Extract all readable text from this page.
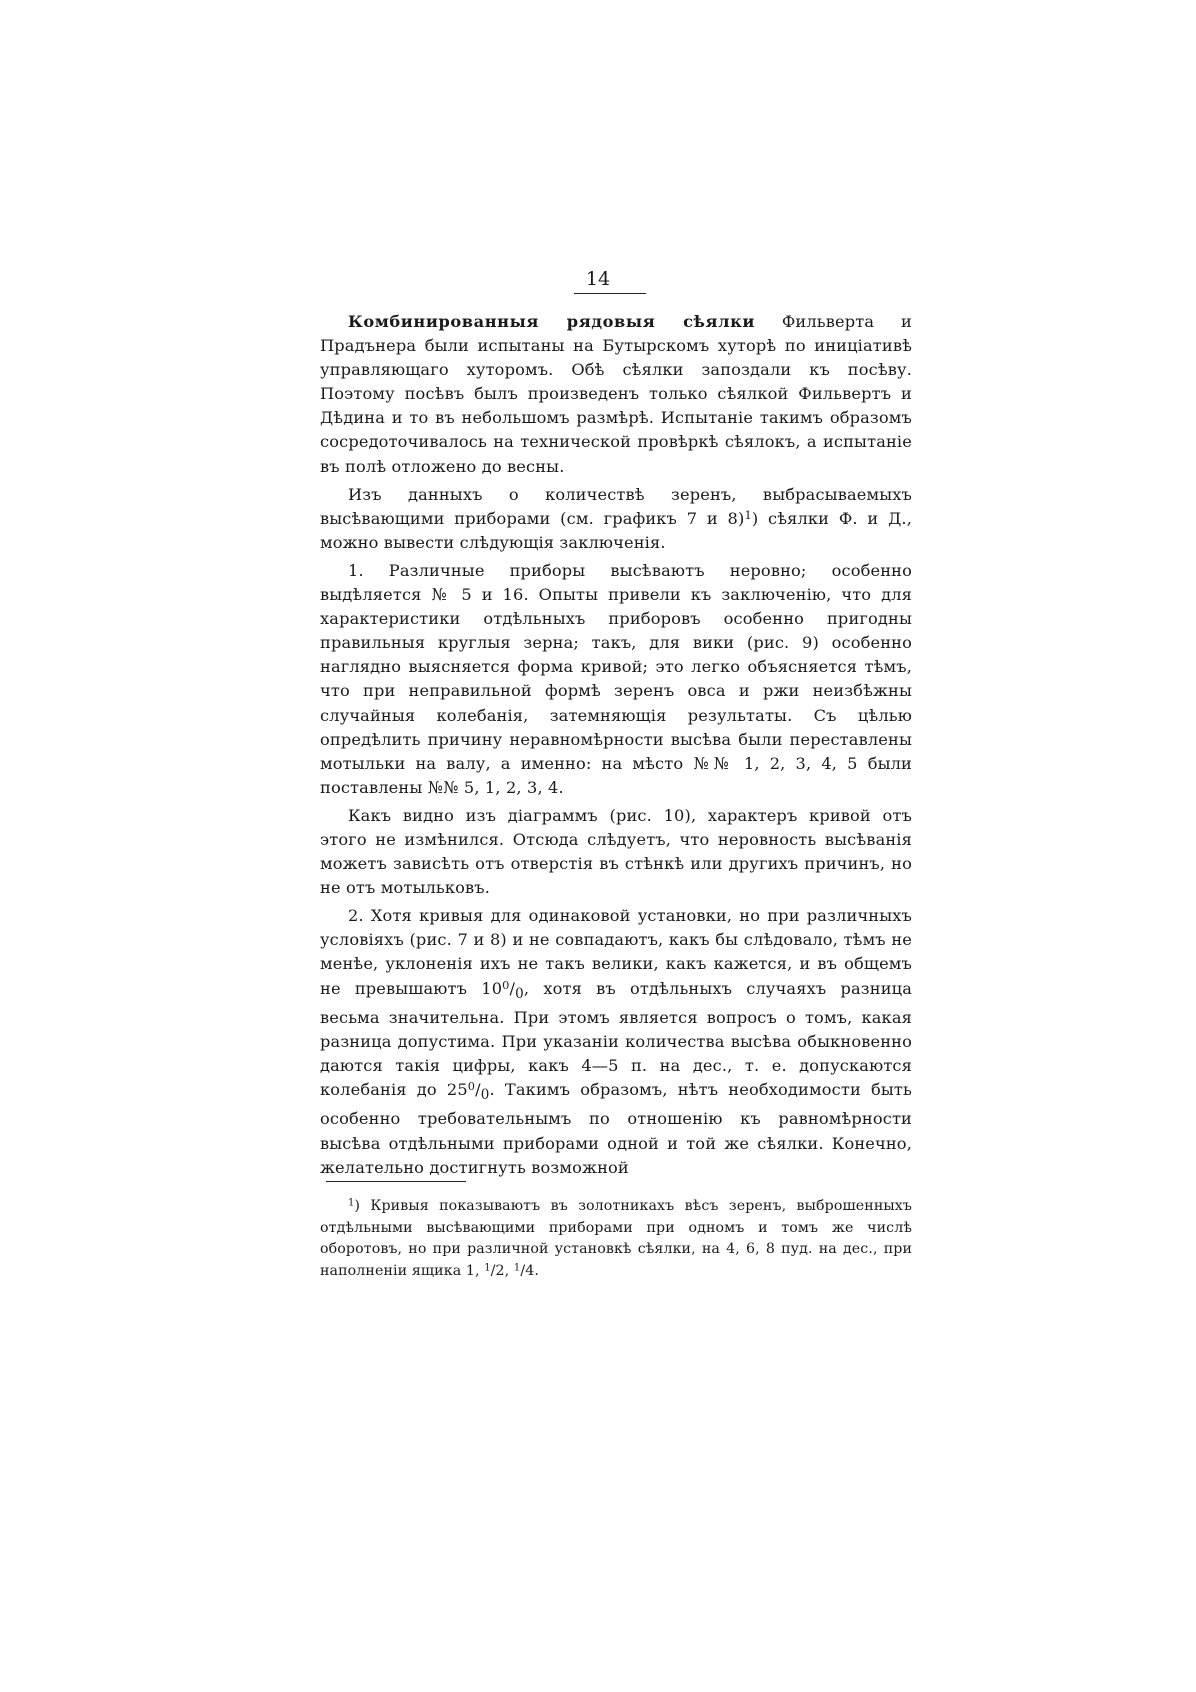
14

Комбинированныя рядовыя сѣялки Фильверта и Прадънера были испытаны на Бутырскомъ хуторѣ по иниціативѣ управляющаго хуторомъ. Обѣ сѣялки запоздали къ посѣву. Поэтому посѣвъ былъ произведенъ только сѣялкой Фильвертъ и Дѣдина и то въ небольшомъ размѣрѣ. Испытаніе такимъ образомъ сосредоточивалось на технической провѣркѣ сѣялокъ, а испытаніе въ полѣ отложено до весны.

Изъ данныхъ о количествѣ зеренъ, выбрасываемыхъ высѣвающими приборами (см. графикъ 7 и 8)$^1$) сѣялки Ф. и Д., можно вывести слѣдующія заключенія.

1. Различные приборы высѣваютъ неровно; особенно выдѣляется № 5 и 16. Опыты привели къ заключенію, что для характеристики отдѣльныхъ приборовъ особенно пригодны правильныя круглыя зерна; такъ, для вики (рис. 9) особенно наглядно выясняется форма кривой; это легко объясняется тѣмъ, что при неправильной формѣ зеренъ овса и ржи неизбѣжны случайныя колебанія, затемняющія результаты. Съ цѣлью опредѣлить причину неравномѣрности высѣва были переставлены мотыльки на валу, а именно: на мѣсто №№ 1, 2, 3, 4, 5 были поставлены №№ 5, 1, 2, 3, 4.

Какъ видно изъ діаграммъ (рис. 10), характеръ кривой отъ этого не измѣнился. Отсюда слѣдуетъ, что неровность высѣванія можетъ зависѣть отъ отверстія въ стѣнкѣ или другихъ причинъ, но не отъ мотыльковъ.

2. Хотя кривыя для одинаковой установки, но при различныхъ условіяхъ (рис. 7 и 8) и не совпадаютъ, какъ бы слѣдовало, тѣмъ не менѣе, уклоненія ихъ не такъ велики, какъ кажется, и въ общемъ не превышаютъ $10^0/_0$, хотя въ отдѣльныхъ случаяхъ разница весьма значительна. При этомъ является вопросъ о томъ, какая разница допустима. При указаніи количества высѣва обыкновенно даются такія цифры, какъ 4—5 п. на дес., т. е. допускаются колебанія до $25^0/_0$. Такимъ образомъ, нѣтъ необходимости быть особенно требовательнымъ по отношенію къ равномѣрности высѣва отдѣльными приборами одной и той же сѣялки. Конечно, желательно достигнуть возможной

$^1$) Кривыя показываютъ въ золотникахъ вѣсъ зеренъ, выброшенныхъ отдѣльными высѣвающими приборами при одномъ и томъ же числѣ оборотовъ, но при различной установкѣ сѣялки, на 4, 6, 8 пуд. на дес., при наполненіи ящика 1, $^1$/2, $^1$/4.
